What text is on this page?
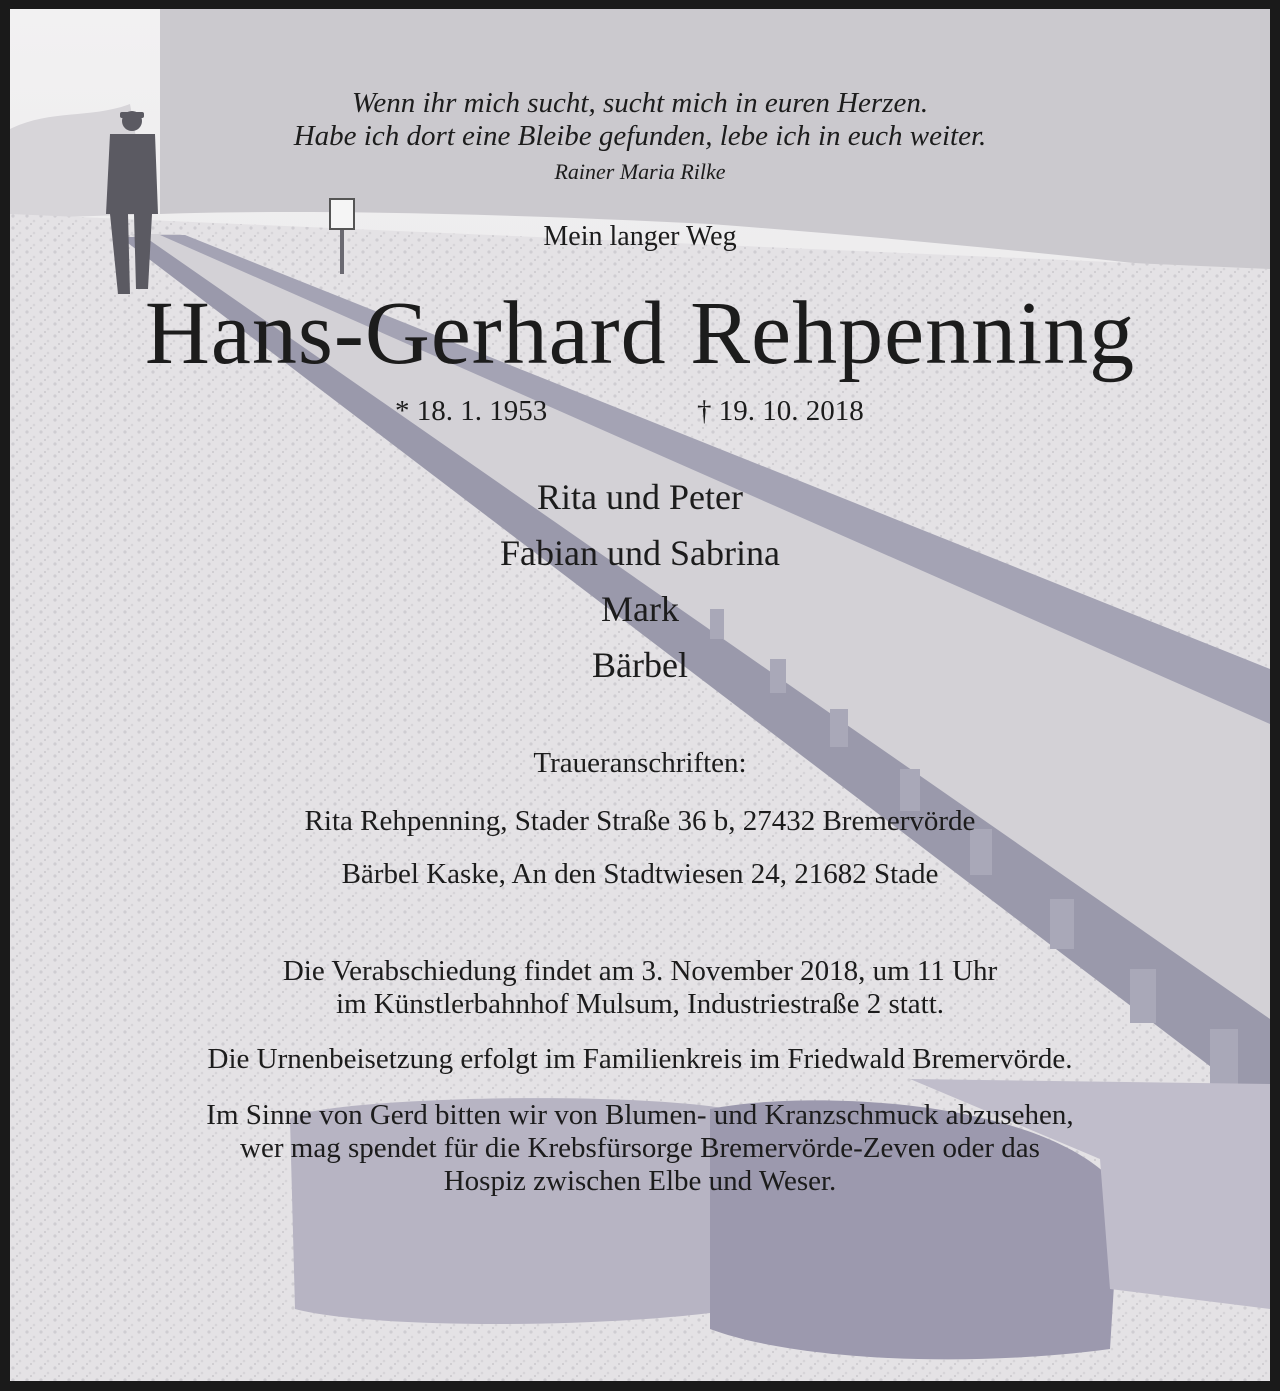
Wenn ihr mich sucht, sucht mich in euren Herzen.
Habe ich dort eine Bleibe gefunden, lebe ich in euch weiter.
Rainer Maria Rilke
Mein langer Weg
Hans-Gerhard Rehpenning
* 18. 1. 1953	† 19. 10. 2018
Rita und Peter
Fabian und Sabrina
Mark
Bärbel
Traueranschriften:
Rita Rehpenning, Stader Straße 36 b, 27432 Bremervörde
Bärbel Kaske, An den Stadtwiesen 24, 21682 Stade
Die Verabschiedung findet am 3. November 2018, um 11 Uhr
im Künstlerbahnhof Mulsum, Industriestraße 2 statt.
Die Urnenbeisetzung erfolgt im Familienkreis im Friedwald Bremervörde.
Im Sinne von Gerd bitten wir von Blumen- und Kranzschmuck abzusehen,
wer mag spendet für die Krebsfürsorge Bremervörde-Zeven oder das
Hospiz zwischen Elbe und Weser.
